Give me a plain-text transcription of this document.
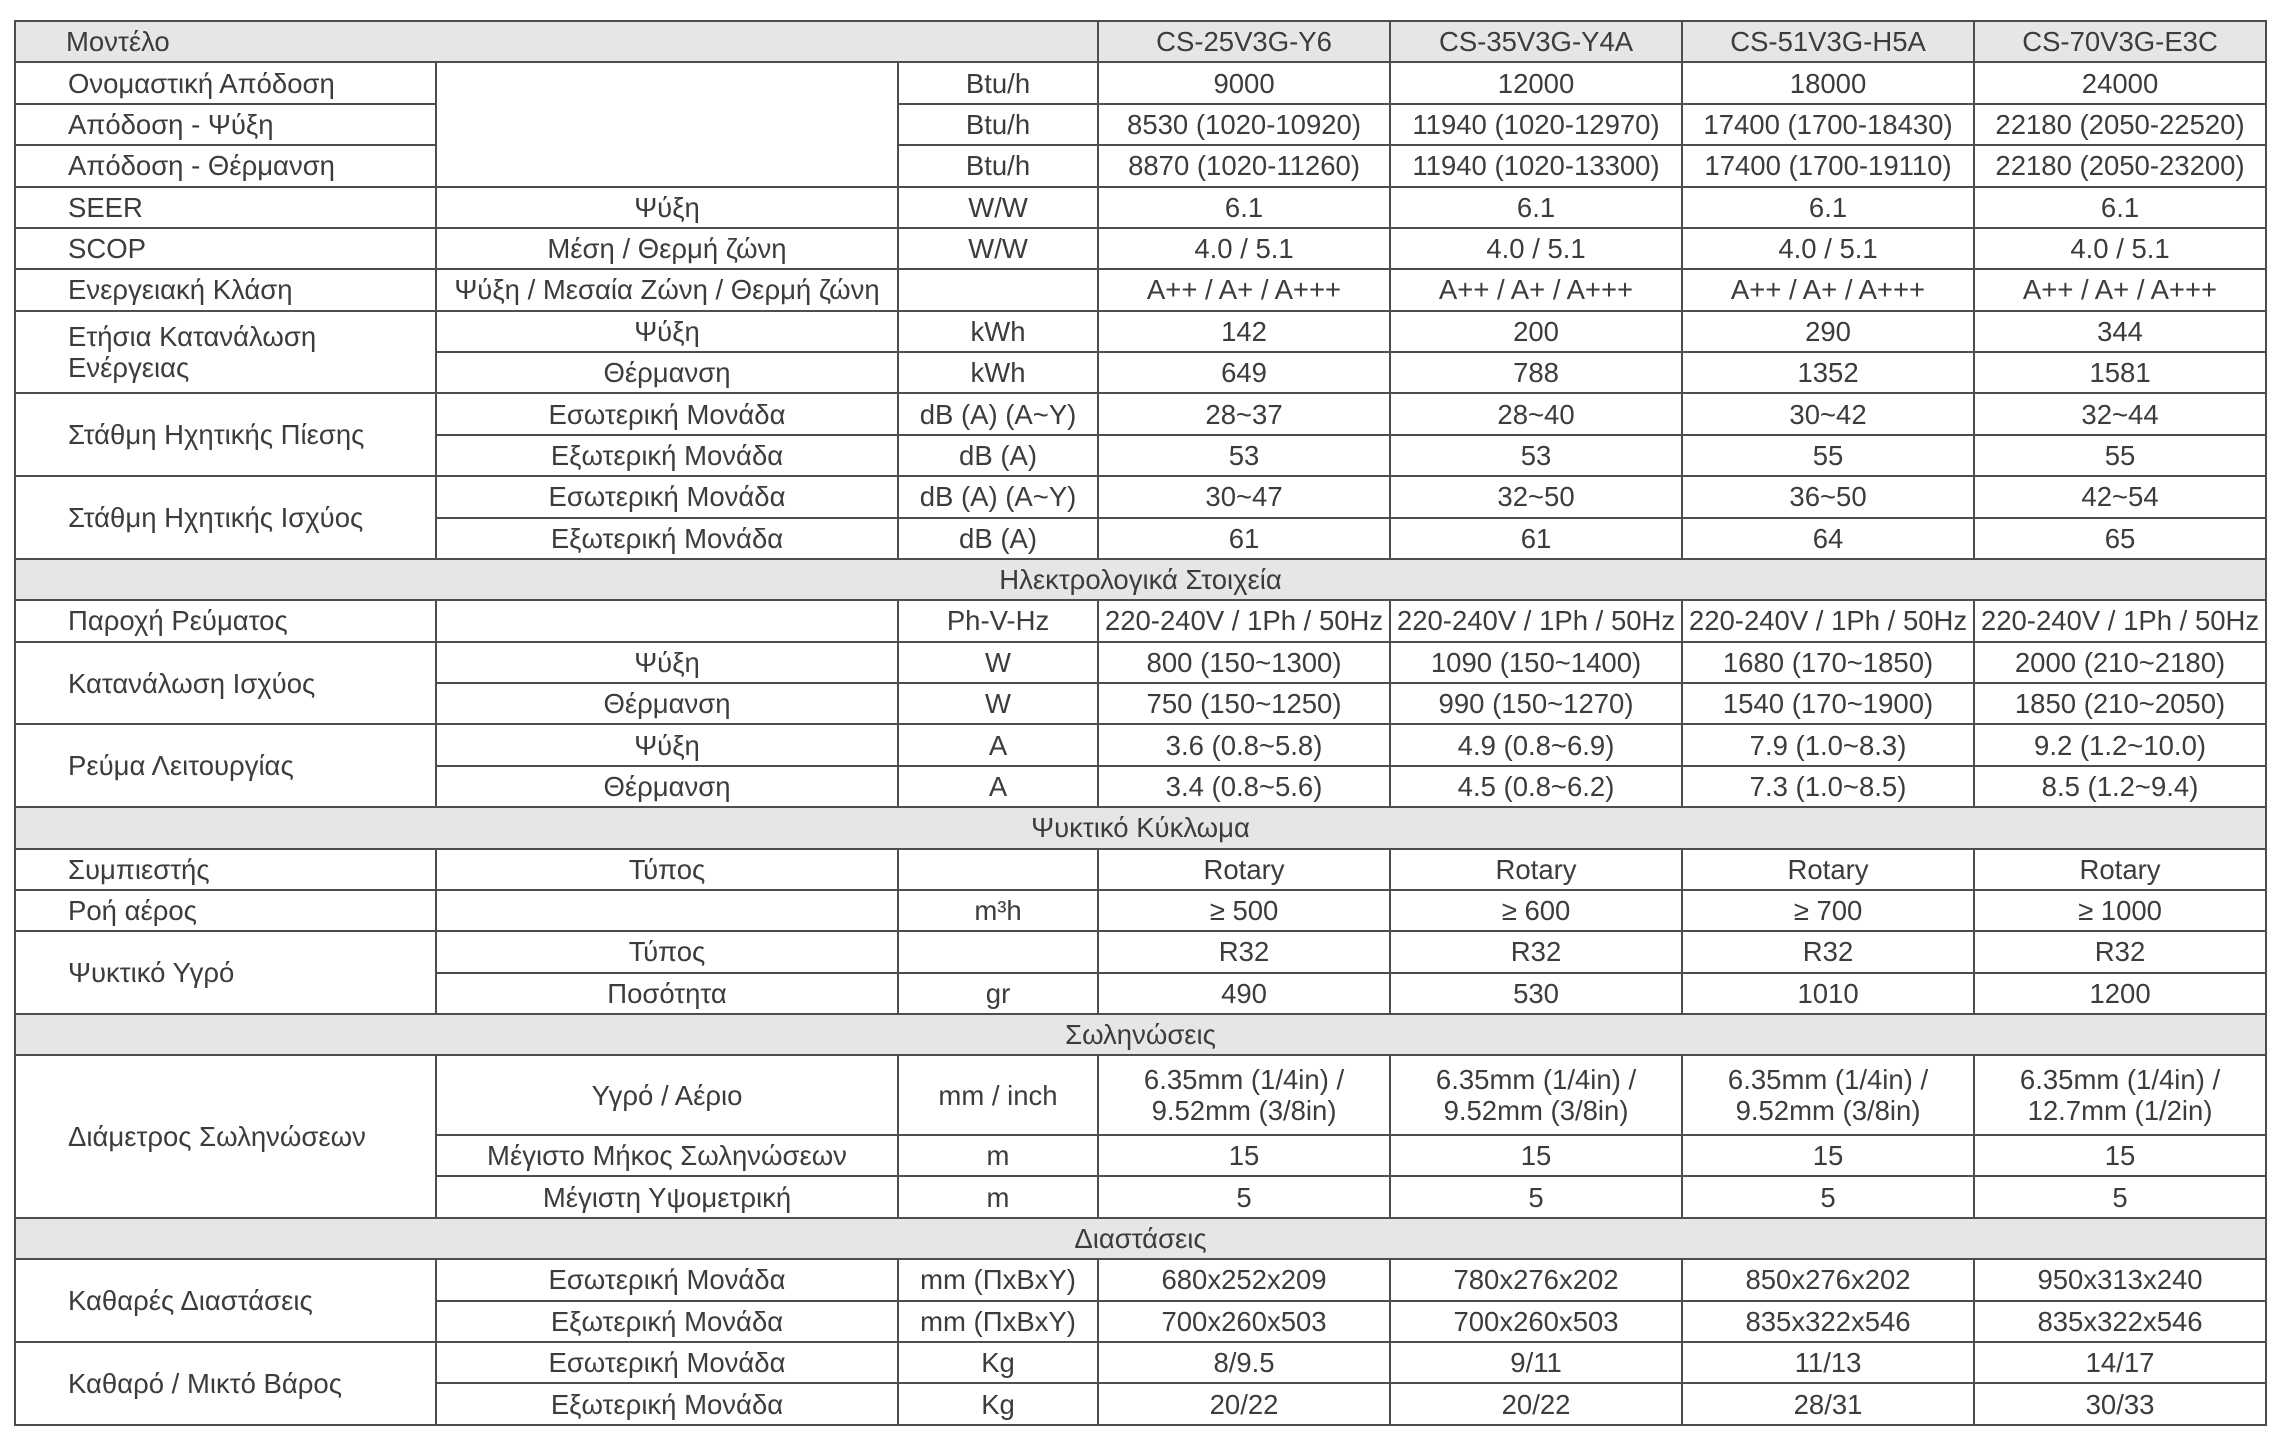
Μοντέλο			CS-25V3G-Y6	CS-35V3G-Y4A	CS-51V3G-H5A	CS-70V3G-E3C
Ονομαστική Απόδοση		Btu/h	9000	12000	18000	24000
Απόδοση - Ψύξη		Btu/h	8530 (1020-10920)	11940 (1020-12970)	17400 (1700-18430)	22180 (2050-22520)
Απόδοση - Θέρμανση		Btu/h	8870 (1020-11260)	11940 (1020-13300)	17400 (1700-19110)	22180 (2050-23200)
SEER	Ψύξη	W/W	6.1	6.1	6.1	6.1
SCOP	Μέση / Θερμή ζώνη	W/W	4.0 / 5.1	4.0 / 5.1	4.0 / 5.1	4.0 / 5.1
Ενεργειακή Κλάση	Ψύξη / Μεσαία Ζώνη / Θερμή ζώνη		A++ / A+ / A+++	A++ / A+ / A+++	A++ / A+ / A+++	A++ / A+ / A+++
Ετήσια Κατανάλωση Ενέργειας	Ψύξη	kWh	142	200	290	344
	Θέρμανση	kWh	649	788	1352	1581
Στάθμη Ηχητικής Πίεσης	Εσωτερική Μονάδα	dB (A) (A~Y)	28~37	28~40	30~42	32~44
	Εξωτερική Μονάδα	dB (A)	53	53	55	55
Στάθμη Ηχητικής Ισχύος	Εσωτερική Μονάδα	dB (A) (A~Y)	30~47	32~50	36~50	42~54
	Εξωτερική Μονάδα	dB (A)	61	61	64	65
Ηλεκτρολογικά Στοιχεία						
Παροχή Ρεύματος		Ph-V-Hz	220-240V / 1Ph / 50Hz	220-240V / 1Ph / 50Hz	220-240V / 1Ph / 50Hz	220-240V / 1Ph / 50Hz
Κατανάλωση Ισχύος	Ψύξη	W	800 (150~1300)	1090 (150~1400)	1680 (170~1850)	2000 (210~2180)
	Θέρμανση	W	750 (150~1250)	990 (150~1270)	1540 (170~1900)	1850 (210~2050)
Ρεύμα Λειτουργίας	Ψύξη	A	3.6 (0.8~5.8)	4.9 (0.8~6.9)	7.9 (1.0~8.3)	9.2 (1.2~10.0)
	Θέρμανση	A	3.4 (0.8~5.6)	4.5 (0.8~6.2)	7.3 (1.0~8.5)	8.5 (1.2~9.4)
Ψυκτικό Κύκλωμα						
Συμπιεστής	Τύπος		Rotary	Rotary	Rotary	Rotary
Ροή αέρος		m³h	≥ 500	≥ 600	≥ 700	≥ 1000
Ψυκτικό Υγρό	Τύπος		R32	R32	R32	R32
	Ποσότητα	gr	490	530	1010	1200
Σωληνώσεις						
Διάμετρος Σωληνώσεων	Υγρό / Αέριο	mm / inch	6.35mm (1/4in) / 9.52mm (3/8in)	6.35mm (1/4in) / 9.52mm (3/8in)	6.35mm (1/4in) / 9.52mm (3/8in)	6.35mm (1/4in) / 12.7mm (1/2in)
	Μέγιστο Μήκος Σωληνώσεων	m	15	15	15	15
	Μέγιστη Υψομετρική	m	5	5	5	5
Διαστάσεις						
Καθαρές Διαστάσεις	Εσωτερική Μονάδα	mm (ΠxΒxΥ)	680x252x209	780x276x202	850x276x202	950x313x240
	Εξωτερική Μονάδα	mm (ΠxΒxΥ)	700x260x503	700x260x503	835x322x546	835x322x546
Καθαρό / Μικτό Βάρος	Εσωτερική Μονάδα	Kg	8/9.5	9/11	11/13	14/17
	Εξωτερική Μονάδα	Kg	20/22	20/22	28/31	30/33
